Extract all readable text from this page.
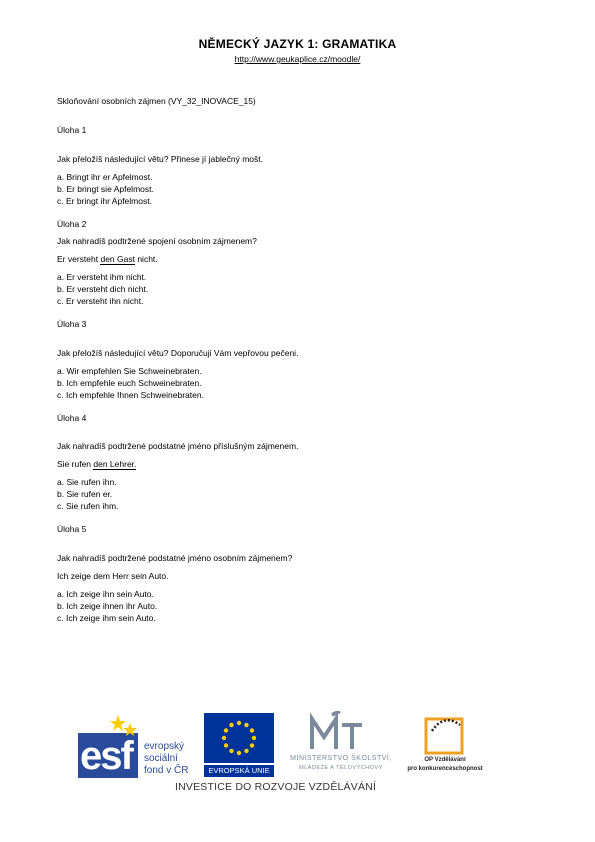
NĚMECKÝ JAZYK 1: GRAMATIKA
http://www.geukaplice.cz/moodle/
Skloňování osobních zájmen (VY_32_INOVACE_15)
Úloha 1
Jak přeložíš následující větu? Přinese jí jablečný mošt.
a. Bringt ihr er Apfelmost.
b. Er bringt sie Apfelmost.
c. Er bringt ihr Apfelmost.
Úloha 2
Jak nahradíš podtržené spojení osobním zájmenem?
Er versteht den Gast nicht.
a. Er versteht ihm nicht.
b. Er versteht dich nicht.
c. Er versteht ihn nicht.
Úloha 3
Jak přeložíš následující větu? Doporučuji Vám vepřovou pečeni.
a. Wir empfehlen Sie Schweinebraten.
b. Ich empfehle euch Schweinebraten.
c. Ich empfehle Ihnen Schweinebraten.
Úloha 4
Jak nahradíš podtržené podstatné jméno příslušným zájmenem.
Sie rufen den Lehrer.
a. Sie rufen ihn.
b. Sie rufen er.
c. Sie rufen ihm.
Úloha 5
Jak nahradíš podtržené podstatné jméno osobním zájmenem?
Ich zeige dem Herr sein Auto.
a. Ich zeige ihn sein Auto.
b. Ich zeige ihnen ihr Auto.
c. Ich zeige ihm sein Auto.
esf evropský
sociální
fond v ČR	EVROPSKÁ UNIE
MINISTERSTVO ŠKOLSTVÍ,
MLÁDEŽE A TĚLOVÝCHOVY
OP Vzdělávání
pro konkurenceschopnost
INVESTICE DO ROZVOJE VZDĚLÁVÁNÍ
